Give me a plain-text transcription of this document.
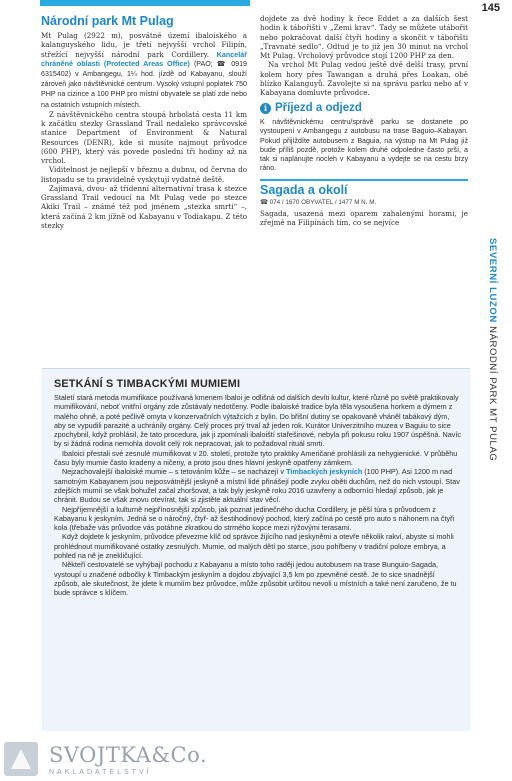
145
Národní park Mt Pulag

Mt Pulag (2922 m), posvátné území ibaloiského a kalanguyského lidu, je třetí nejvyšší vrchol Filipín, střežící nejvyšší národní park Cordillery. Kancelář chráněné oblasti (Protected Areas Office) (PAO; ☎ 0919 6315402) v Ambangegu, 1¼ hod. jízdě od Kabayanu, slouží zároveň jako návštěvnické centrum. Vysoký vstupní poplatek 750 PHP na cizince a 100 PHP pro místní obyvatele se platí zde nebo na ostatních vstupních místech.

Z návštěvnického centra stoupá hrbolatá cesta 11 km k začátku stezky Grassland Trail nedaleko správcovské stanice Department of Environment & Natural Resources (DENR), kde si musíte najmout průvodce (600 PHP), který vás povede poslední tři hodiny až na vrchol.

Viditelnost je nejlepší v březnu a dubnu, od června do listopadu se tu pravidelně vyskytují vydatné deště.

Zajímavá, dvou- až třídenní alternativní trasa k stezce Grassland Trail vedoucí na Mt Pulag vede po stezce Akiki Trail – známé též pod jménem „stezka smrti“ –, která začíná 2 km jížně od Kabayanu v Todiakapu. Z této stezky

dojdete za dvě hodiny k řece Eddet a za dalších šest hodin k tábořišti v „Zemi krav“. Tady se můžete utábořit nebo pokračovat další čtyři hodiny a skončit v tábořišti „Travnaté sedlo“. Odtud je to již jen 30 minut na vrchol Mt Pulag. Vrcholový průvodce stojí 1200 PHP za den.

Na vrchol Mt Pulag vedou ještě dvě delší trasy, první kolem hory přes Tawangan a druhá přes Loakan, obě blízko Kalanguyů. Zavolejte si na správu parku nebo ať v Kabayana domluvte průvodce.

i Příjezd a odjezd
K návštěvnickému centru/správě parku se dostanete po vystoupení v Ambangegu z autobusu na trase Baguio–Kabayan. Pokud přijíždíte autobusem z Baguia, na výstup na Mt Pulag již bude příliš pozdě, protože kolem druhé odpoledne často prší, a tak si naplánujte nocleh v Kabayanu a vydejte se na cestu brzy ráno.
Sagada a okolí
☎ 074 / 1670 OBYVATEL / 1477 M N. M.

Sagada, usazená mezi oparem zahalenými horami, je zřejmě na Filipínách tím, co se nejvíce

SEVERNÍ LUZON NÁRODNÍ PARK MT PULAG
SETKÁNÍ S TIMBACKÝMI MUMIEMI

Staletí stará metoda mumifikace používaná kmenem Ibaloi je odlišná od dalších devíti kultur, které různě po světě praktikovaly mumifikování, neboť vnitřní orgány zde zůstávaly nedotčeny. Podle ibaloiské tradice byla těla vysoušena horkem a dýmem z malého ohně, a poté pečlivě omyta v konzervačních výtažcích z bylin. Do břišní dutiny se opakovaně vháněl tabákový dým, aby se vypudili parazité a uchránily orgány. Celý proces prý trval až jeden rok. Kurátor Univerzitního muzea v Baguiu to sice zpochybnil, když prohlásil, že tato procedura, jak ji zpomínali ibaloiští stařešinové, nebyla při pokusu roku 1907 úspěšná. Navíc by si žádná rodina nemohla dovolit celý rok nepracovat, jak to požadoval rituál smrti.

Ibaloici přestali své zesnulé mumifikovat v 20. století, protože tyto praktiky Američané prohlásili za nehygienické. V průběhu času byly mumie často kradeny a ničeny, a proto jsou dnes hlavní jeskyně opatřeny zámkem.

Nejzachovalejší ibaloiské mumie – s tetováním kůže – se nacházejí v Timbackých jeskyních (100 PHP). Asi 1200 m nad samotným Kabayanem jsou nejposvátnější jeskyně a místní lidé přinášejí podle zvyku oběti duchům, než do nich vstoupí. Stav zdejších mumií se však bohužel začal zhoršovat, a tak byly jeskyně roku 2016 uzavřeny a odborníci hledají způsob, jak je chránit. Budou se však znovu otevírat, tak si zjistěte aktuální stav věcí.

Nejpříjemnější a kulturně nejpřínosnější způsob, jak poznat jedinečného ducha Cordillery, je pěší túra s průvodcem z Kabayanu k jeskyním. Jedná se o náročný, čtyř- až šestihodinový pochod, který začíná po cestě pro auto s náhonem na čtyři kola (třebaže vás průvodce vás potáhne zkratkou do strmého kopce mezi rýžovými terasami.

Když dojdete k jeskyním, průvodce převezme klíč od správce žijícího nad jeskyněmi a otevře několik rakví, abyste si mohli prohlédnout mumifikované ostatky zesnulých. Mumie, od malých dětí po starce, jsou pohřbeny v tradiční poloze embrya, a pohled na ně je znekličující.

Někteří cestovatelé se vyhýbají pochodu z Kabayanu a místo toho raději jedou autobusem na trase Bunguio-Sagada, vystoupí u značené odbočky k Timbackým jeskyním a dojdou zbývající 3,5 km po zpevněné cestě. Je to sice snadnější způsob, ale skutečnost, že jdete k mumiím bez průvodce, může způsobit určitou nevoli u místních a také není zaručeno, že tu bude správce s klíčem.

SVOJTKA&Co.
NAKLADATELSTVÍ
